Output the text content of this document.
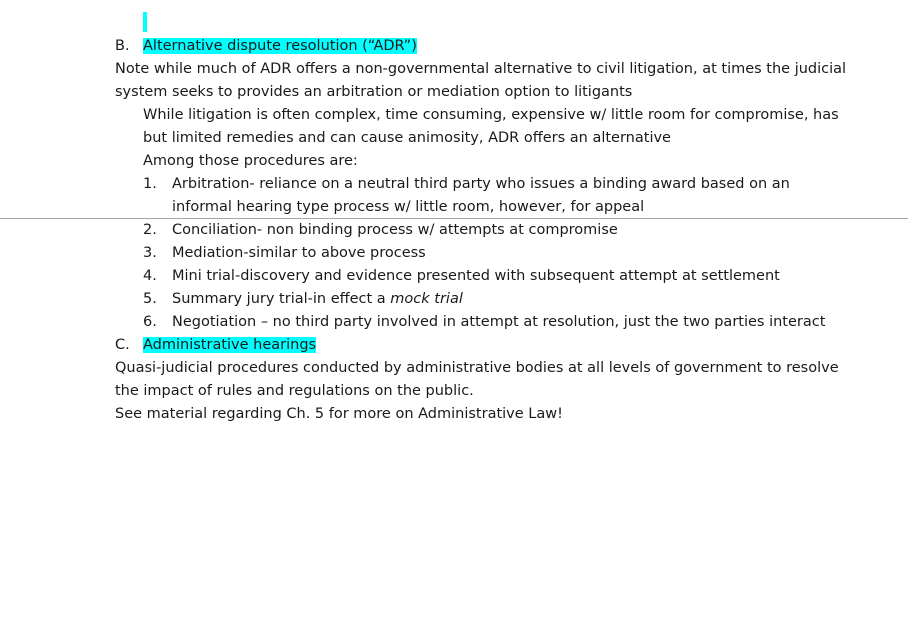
B. Alternative dispute resolution (“ADR”)
Note while much of ADR offers a non-governmental alternative to civil litigation, at times the judicial
system seeks to provides an arbitration or mediation option to litigants
While litigation is often complex, time consuming, expensive w/ little room for compromise, has
but limited remedies and can cause animosity, ADR offers an alternative
Among those procedures are:
1. Arbitration- reliance on a neutral third party who issues a binding award based on an
informal hearing type process w/ little room, however, for appeal
2. Conciliation- non binding process w/ attempts at compromise
3. Mediation-similar to above process
4. Mini trial-discovery and evidence presented with subsequent attempt at settlement
5. Summary jury trial-in effect a mock trial
6. Negotiation – no third party involved in attempt at resolution, just the two parties interact
C. Administrative hearings
Quasi-judicial procedures conducted by administrative bodies at all levels of government to resolve
the impact of rules and regulations on the public.
See material regarding Ch. 5 for more on Administrative Law!
